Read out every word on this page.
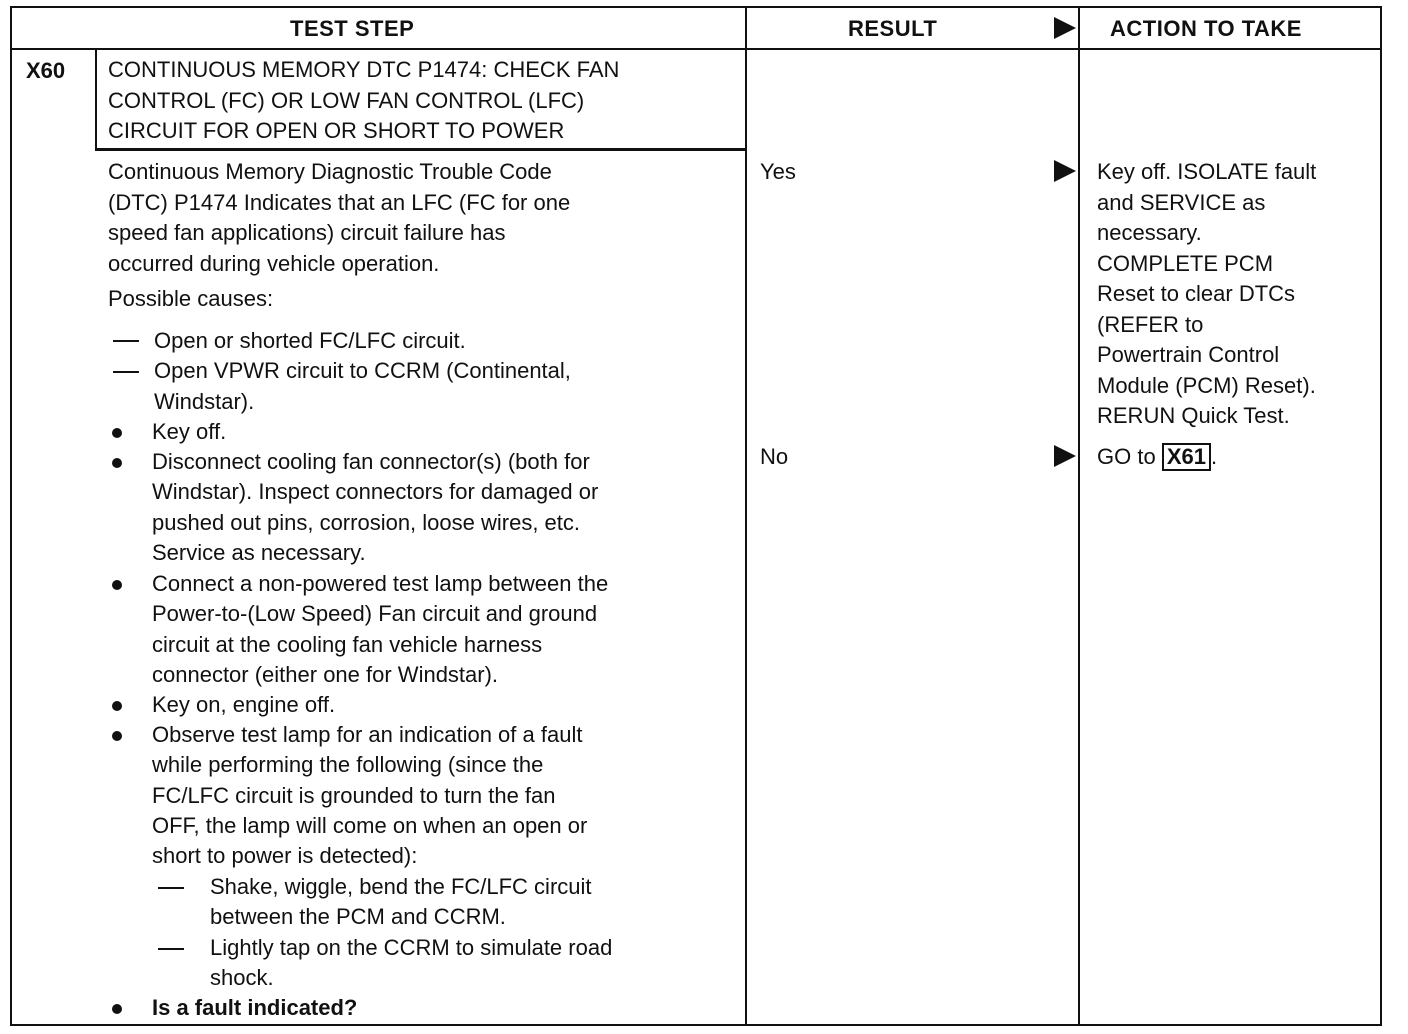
TEST STEP	RESULT	ACTION TO TAKE
X60 CONTINUOUS MEMORY DTC P1474: CHECK FAN
CONTROL (FC) OR LOW FAN CONTROL (LFC)
CIRCUIT FOR OPEN OR SHORT TO POWER
Continuous Memory Diagnostic Trouble Code
(DTC) P1474 Indicates that an LFC (FC for one
speed fan applications) circuit failure has
occurred during vehicle operation.
Possible causes:
Open or shorted FC/LFC circuit.
Open VPWR circuit to CCRM (Continental,
Windstar).
Key off.
Disconnect cooling fan connector(s) (both for
Windstar). Inspect connectors for damaged or
pushed out pins, corrosion, loose wires, etc.
Service as necessary.
Connect a non-powered test lamp between the
Power-to-(Low Speed) Fan circuit and ground
circuit at the cooling fan vehicle harness
connector (either one for Windstar).
Key on, engine off.
Observe test lamp for an indication of a fault
while performing the following (since the
FC/LFC circuit is grounded to turn the fan
OFF, the lamp will come on when an open or
short to power is detected):
Shake, wiggle, bend the FC/LFC circuit
between the PCM and CCRM.
Lightly tap on the CCRM to simulate road
shock.
Is a fault indicated?
Yes
No
Key off. ISOLATE fault
and SERVICE as
necessary.
COMPLETE PCM
Reset to clear DTCs
(REFER to
Powertrain Control
Module (PCM) Reset).
RERUN Quick Test.
GO to X61 .
